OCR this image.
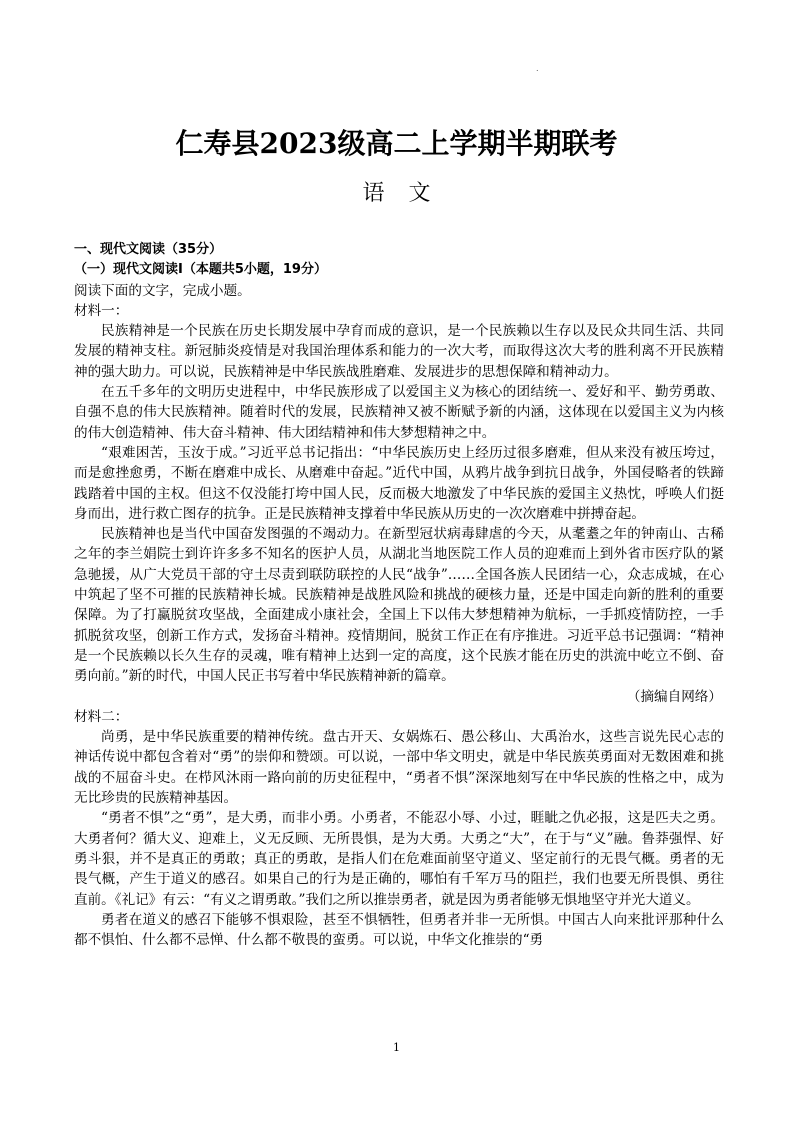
.
仁寿县2023级高二上学期半期联考
语文
一、现代文阅读（35分）
（一）现代文阅读Ⅰ（本题共5小题，19分）
阅读下面的文字，完成小题。
材料一：
民族精神是一个民族在历史长期发展中孕育而成的意识，是一个民族赖以生存以及民众共同生活、共同发展的精神支柱。新冠肺炎疫情是对我国治理体系和能力的一次大考，而取得这次大考的胜利离不开民族精神的强大助力。可以说，民族精神是中华民族战胜磨难、发展进步的思想保障和精神动力。
在五千多年的文明历史进程中，中华民族形成了以爱国主义为核心的团结统一、爱好和平、勤劳勇敢、自强不息的伟大民族精神。随着时代的发展，民族精神又被不断赋予新的内涵，这体现在以爱国主义为内核的伟大创造精神、伟大奋斗精神、伟大团结精神和伟大梦想精神之中。
“艰难困苦，玉汝于成。”习近平总书记指出：“中华民族历史上经历过很多磨难，但从来没有被压垮过，而是愈挫愈勇，不断在磨难中成长、从磨难中奋起。”近代中国，从鸦片战争到抗日战争，外国侵略者的铁蹄践踏着中国的主权。但这不仅没能打垮中国人民，反而极大地激发了中华民族的爱国主义热忱，呼唤人们挺身而出，进行救亡图存的抗争。正是民族精神支撑着中华民族从历史的一次次磨难中拼搏奋起。
民族精神也是当代中国奋发图强的不竭动力。在新型冠状病毒肆虐的今天，从耄耋之年的钟南山、古稀之年的李兰娟院士到许许多多不知名的医护人员，从湖北当地医院工作人员的迎难而上到外省市医疗队的紧急驰援，从广大党员干部的守土尽责到联防联控的人民“战争”……全国各族人民团结一心，众志成城，在心中筑起了坚不可摧的民族精神长城。民族精神是战胜风险和挑战的硬核力量，还是中国走向新的胜利的重要保障。为了打赢脱贫攻坚战，全面建成小康社会，全国上下以伟大梦想精神为航标，一手抓疫情防控，一手抓脱贫攻坚，创新工作方式，发扬奋斗精神。疫情期间，脱贫工作正在有序推进。习近平总书记强调：“精神是一个民族赖以长久生存的灵魂，唯有精神上达到一定的高度，这个民族才能在历史的洪流中屹立不倒、奋勇向前。”新的时代，中国人民正书写着中华民族精神新的篇章。
（摘编自网络）
材料二：
尚勇，是中华民族重要的精神传统。盘古开天、女娲炼石、愚公移山、大禹治水，这些言说先民心志的神话传说中都包含着对“勇”的崇仰和赞颂。可以说，一部中华文明史，就是中华民族英勇面对无数困难和挑战的不屈奋斗史。在栉风沐雨一路向前的历史征程中，“勇者不惧”深深地刻写在中华民族的性格之中，成为无比珍贵的民族精神基因。
“勇者不惧”之“勇”，是大勇，而非小勇。小勇者，不能忍小辱、小过，睚眦之仇必报，这是匹夫之勇。大勇者何？循大义、迎难上，义无反顾、无所畏惧，是为大勇。大勇之“大”，在于与“义”融。鲁莽强悍、好勇斗狠，并不是真正的勇敢；真正的勇敢，是指人们在危难面前坚守道义、坚定前行的无畏气概。勇者的无畏气概，产生于道义的感召。如果自己的行为是正确的，哪怕有千军万马的阻拦，我们也要无所畏惧、勇往直前。《礼记》有云：“有义之谓勇敢。”我们之所以推崇勇者，就是因为勇者能够无惧地坚守并光大道义。
勇者在道义的感召下能够不惧艰险，甚至不惧牺牲，但勇者并非一无所惧。中国古人向来批评那种什么都不惧怕、什么都不忌惮、什么都不敬畏的蛮勇。可以说，中华文化推崇的“勇
1
